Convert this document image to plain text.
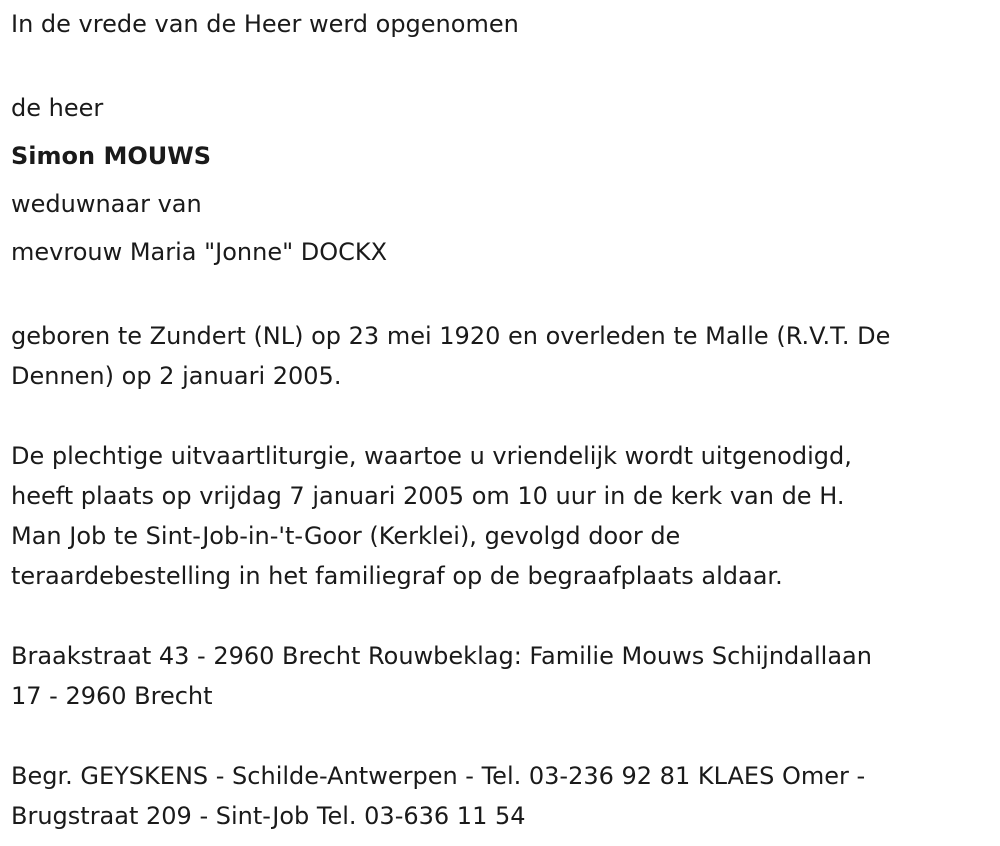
In de vrede van de Heer werd opgenomen
de heer
Simon MOUWS
weduwnaar van
mevrouw Maria "Jonne" DOCKX
geboren te Zundert (NL) op 23 mei 1920 en overleden te Malle (R.V.T. De
Dennen) op 2 januari 2005.
De plechtige uitvaartliturgie, waartoe u vriendelijk wordt uitgenodigd,
heeft plaats op vrijdag 7 januari 2005 om 10 uur in de kerk van de H.
Man Job te Sint-Job-in-'t-Goor (Kerklei), gevolgd door de
teraardebestelling in het familiegraf op de begraafplaats aldaar.
Braakstraat 43 - 2960 Brecht Rouwbeklag: Familie Mouws Schijndallaan
17 - 2960 Brecht
Begr. GEYSKENS - Schilde-Antwerpen - Tel. 03-236 92 81 KLAES Omer -
Brugstraat 209 - Sint-Job Tel. 03-636 11 54
